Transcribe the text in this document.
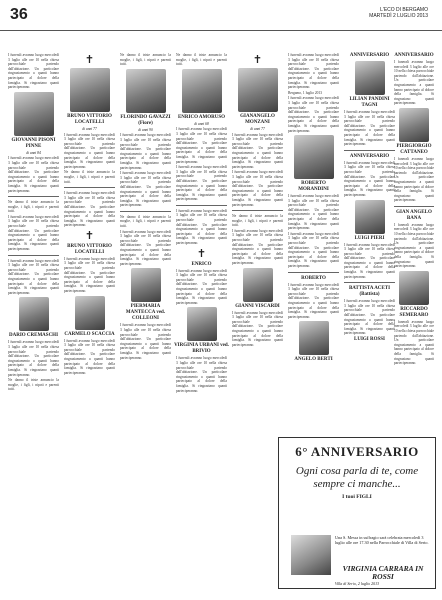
36	L'ECO DI BERGAMO
MARTEDÌ 2 LUGLIO 2013
I funerali avranno luogo mercoledì 3 luglio alle ore 10 nella chiesa parrocchiale partendo dall'abitazione. Un particolare ringraziamento a quanti hanno partecipato al dolore della famiglia. Si ringraziano quanti parteciperanno.
GIOVANNI PISONI PINNE
di anni 84
I funerali avranno luogo mercoledì 3 luglio alle ore 10 nella chiesa parrocchiale partendo dall'abitazione. Un particolare ringraziamento a quanti hanno partecipato al dolore della famiglia. Si ringraziano quanti parteciperanno.
Ne danno il triste annuncio la moglie, i figli, i nipoti e parenti tutti.
I funerali avranno luogo mercoledì 3 luglio alle ore 10 nella chiesa parrocchiale partendo dall'abitazione. Un particolare ringraziamento a quanti hanno partecipato al dolore della famiglia. Si ringraziano quanti parteciperanno.
I funerali avranno luogo mercoledì 3 luglio alle ore 10 nella chiesa parrocchiale partendo dall'abitazione. Un particolare ringraziamento a quanti hanno partecipato al dolore della famiglia. Si ringraziano quanti parteciperanno.
DARIO CREMASCHI
I funerali avranno luogo mercoledì 3 luglio alle ore 10 nella chiesa parrocchiale partendo dall'abitazione. Un particolare ringraziamento a quanti hanno partecipato al dolore della famiglia. Si ringraziano quanti parteciperanno.
Ne danno il triste annuncio la moglie, i figli, i nipoti e parenti tutti.
✝
BRUNO VITTORIO LOCATELLI
di anni 77
I funerali avranno luogo mercoledì 3 luglio alle ore 10 nella chiesa parrocchiale partendo dall'abitazione. Un particolare ringraziamento a quanti hanno partecipato al dolore della famiglia. Si ringraziano quanti parteciperanno.
Ne danno il triste annuncio la moglie, i figli, i nipoti e parenti tutti.
I funerali avranno luogo mercoledì 3 luglio alle ore 10 nella chiesa parrocchiale partendo dall'abitazione. Un particolare ringraziamento a quanti hanno partecipato al dolore della famiglia. Si ringraziano quanti parteciperanno.
✝
BRUNO VITTORIO LOCATELLI
I funerali avranno luogo mercoledì 3 luglio alle ore 10 nella chiesa parrocchiale partendo dall'abitazione. Un particolare ringraziamento a quanti hanno partecipato al dolore della famiglia. Si ringraziano quanti parteciperanno.
CARMELO SCACCIA
I funerali avranno luogo mercoledì 3 luglio alle ore 10 nella chiesa parrocchiale partendo dall'abitazione. Un particolare ringraziamento a quanti hanno partecipato al dolore della famiglia. Si ringraziano quanti parteciperanno.
Ne danno il triste annuncio la moglie, i figli, i nipoti e parenti tutti.
FLORINDO GAVAZZI (Fiore)
di anni 90
I funerali avranno luogo mercoledì 3 luglio alle ore 10 nella chiesa parrocchiale partendo dall'abitazione. Un particolare ringraziamento a quanti hanno partecipato al dolore della famiglia. Si ringraziano quanti parteciperanno.
I funerali avranno luogo mercoledì 3 luglio alle ore 10 nella chiesa parrocchiale partendo dall'abitazione. Un particolare ringraziamento a quanti hanno partecipato al dolore della famiglia. Si ringraziano quanti parteciperanno.
Ne danno il triste annuncio la moglie, i figli, i nipoti e parenti tutti.
I funerali avranno luogo mercoledì 3 luglio alle ore 10 nella chiesa parrocchiale partendo dall'abitazione. Un particolare ringraziamento a quanti hanno partecipato al dolore della famiglia. Si ringraziano quanti parteciperanno.
PIERMARIA MANTECCA ved. COLLEONI
I funerali avranno luogo mercoledì 3 luglio alle ore 10 nella chiesa parrocchiale partendo dall'abitazione. Un particolare ringraziamento a quanti hanno partecipato al dolore della famiglia. Si ringraziano quanti parteciperanno.
Ne danno il triste annuncio la moglie, i figli, i nipoti e parenti tutti.
ENRICO AMORUSO
di anni 68
I funerali avranno luogo mercoledì 3 luglio alle ore 10 nella chiesa parrocchiale partendo dall'abitazione. Un particolare ringraziamento a quanti hanno partecipato al dolore della famiglia. Si ringraziano quanti parteciperanno.
I funerali avranno luogo mercoledì 3 luglio alle ore 10 nella chiesa parrocchiale partendo dall'abitazione. Un particolare ringraziamento a quanti hanno partecipato al dolore della famiglia. Si ringraziano quanti parteciperanno.
I funerali avranno luogo mercoledì 3 luglio alle ore 10 nella chiesa parrocchiale partendo dall'abitazione. Un particolare ringraziamento a quanti hanno partecipato al dolore della famiglia. Si ringraziano quanti parteciperanno.
✝
ENRICO
I funerali avranno luogo mercoledì 3 luglio alle ore 10 nella chiesa parrocchiale partendo dall'abitazione. Un particolare ringraziamento a quanti hanno partecipato al dolore della famiglia. Si ringraziano quanti parteciperanno.
VIRGINIA URBANI ved. BRIVIO
I funerali avranno luogo mercoledì 3 luglio alle ore 10 nella chiesa parrocchiale partendo dall'abitazione. Un particolare ringraziamento a quanti hanno partecipato al dolore della famiglia. Si ringraziano quanti parteciperanno.
✝
GIANANGELO MONZANI
di anni 77
I funerali avranno luogo mercoledì 3 luglio alle ore 10 nella chiesa parrocchiale partendo dall'abitazione. Un particolare ringraziamento a quanti hanno partecipato al dolore della famiglia. Si ringraziano quanti parteciperanno.
I funerali avranno luogo mercoledì 3 luglio alle ore 10 nella chiesa parrocchiale partendo dall'abitazione. Un particolare ringraziamento a quanti hanno partecipato al dolore della famiglia. Si ringraziano quanti parteciperanno.
Ne danno il triste annuncio la moglie, i figli, i nipoti e parenti tutti.
I funerali avranno luogo mercoledì 3 luglio alle ore 10 nella chiesa parrocchiale partendo dall'abitazione. Un particolare ringraziamento a quanti hanno partecipato al dolore della famiglia. Si ringraziano quanti parteciperanno.
GIANNI VISCARDI
I funerali avranno luogo mercoledì 3 luglio alle ore 10 nella chiesa parrocchiale partendo dall'abitazione. Un particolare ringraziamento a quanti hanno partecipato al dolore della famiglia. Si ringraziano quanti parteciperanno.
I funerali avranno luogo mercoledì 3 luglio alle ore 10 nella chiesa parrocchiale partendo dall'abitazione. Un particolare ringraziamento a quanti hanno partecipato al dolore della famiglia. Si ringraziano quanti parteciperanno.
Bergamo, 1 luglio 2013
I funerali avranno luogo mercoledì 3 luglio alle ore 10 nella chiesa parrocchiale partendo dall'abitazione. Un particolare ringraziamento a quanti hanno partecipato al dolore della famiglia. Si ringraziano quanti parteciperanno.
ROBERTO MORANDINI
I funerali avranno luogo mercoledì 3 luglio alle ore 10 nella chiesa parrocchiale partendo dall'abitazione. Un particolare ringraziamento a quanti hanno partecipato al dolore della famiglia. Si ringraziano quanti parteciperanno.
I funerali avranno luogo mercoledì 3 luglio alle ore 10 nella chiesa parrocchiale partendo dall'abitazione. Un particolare ringraziamento a quanti hanno partecipato al dolore della famiglia. Si ringraziano quanti parteciperanno.
ROBERTO
I funerali avranno luogo mercoledì 3 luglio alle ore 10 nella chiesa parrocchiale partendo dall'abitazione. Un particolare ringraziamento a quanti hanno partecipato al dolore della famiglia. Si ringraziano quanti parteciperanno.
ANGELO BERTI
ANNIVERSARIO
LILIAN PANDINI TAGNI
I funerali avranno luogo mercoledì 3 luglio alle ore 10 nella chiesa parrocchiale partendo dall'abitazione. Un particolare ringraziamento a quanti hanno partecipato al dolore della famiglia. Si ringraziano quanti parteciperanno.
ANNIVERSARIO
I funerali avranno luogo mercoledì 3 luglio alle ore 10 nella chiesa parrocchiale partendo dall'abitazione. Un particolare ringraziamento a quanti hanno partecipato al dolore della famiglia. Si ringraziano quanti parteciperanno.
LUIGI PIERI
I funerali avranno luogo mercoledì 3 luglio alle ore 10 nella chiesa parrocchiale partendo dall'abitazione. Un particolare ringraziamento a quanti hanno partecipato al dolore della famiglia. Si ringraziano quanti parteciperanno.
BATTISTA ACETI (Battista)
I funerali avranno luogo mercoledì 3 luglio alle ore 10 nella chiesa parrocchiale partendo dall'abitazione. Un particolare ringraziamento a quanti hanno partecipato al dolore della famiglia. Si ringraziano quanti parteciperanno.
LUIGI ROSSI
ANNIVERSARIO
I funerali avranno luogo mercoledì 3 luglio alle ore 10 nella chiesa parrocchiale partendo dall'abitazione. Un particolare ringraziamento a quanti hanno partecipato al dolore della famiglia. Si ringraziano quanti parteciperanno.
PIERGIORGIO CATTANEO
I funerali avranno luogo mercoledì 3 luglio alle ore 10 nella chiesa parrocchiale partendo dall'abitazione. Un particolare ringraziamento a quanti hanno partecipato al dolore della famiglia. Si ringraziano quanti parteciperanno.
GIAN ANGELO BANA
I funerali avranno luogo mercoledì 3 luglio alle ore 10 nella chiesa parrocchiale partendo dall'abitazione. Un particolare ringraziamento a quanti hanno partecipato al dolore della famiglia. Si ringraziano quanti parteciperanno.
RICCARDO SEMERARO
I funerali avranno luogo mercoledì 3 luglio alle ore 10 nella chiesa parrocchiale partendo dall'abitazione. Un particolare ringraziamento a quanti hanno partecipato al dolore della famiglia. Si ringraziano quanti parteciperanno.
6° ANNIVERSARIO
Ogni cosa parla di te, come sempre ci manche...
I tuoi FIGLI
Una S. Messa in suffragio sarà celebrata mercoledì 3 luglio alle ore 17.30 nella Parrocchiale di Villa di Serio.
VIRGINIA CARRARA IN ROSSI
Villa di Serio, 2 luglio 2013
